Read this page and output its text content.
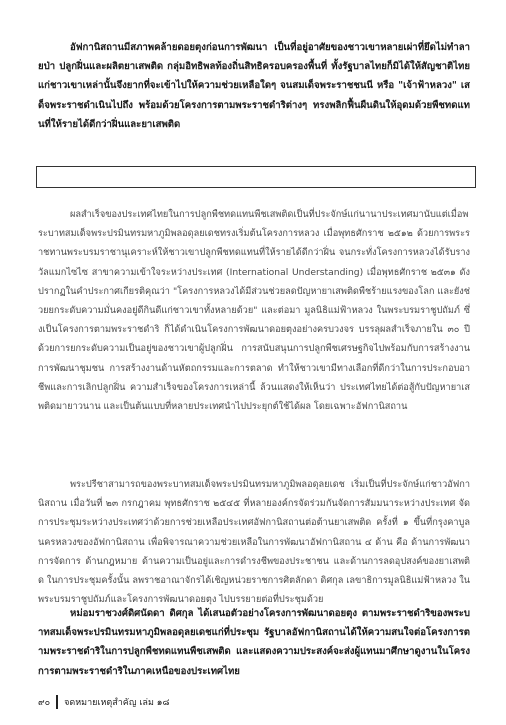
อัฟกานิสถานมีสภาพคล้ายดอยตุงก่อนการพัฒนา เป็นที่อยู่อาศัยของชาวเขาหลายเผ่าที่ยึดไม่ทำลายป่า ปลูกฝิ่นและผลิตยาเสพติด กลุ่มอิทธิพลท้องถิ่นสิทธิครอบครองพื้นที่ ทั้งรัฐบาลไทยก็มิได้ให้สัญชาติไทยแก่ชาวเขาเหล่านั้นจึงยากที่จะเข้าไปให้ความช่วยเหลือใดๆ จนสมเด็จพระราชชนนี หรือ "เจ้าฟ้าหลวง" เสด็จพระราชดำเนินไปถึง พร้อมด้วยโครงการตามพระราชดำริต่างๆ ทรงพลิกฟื้นผืนดินให้อุดมด้วยพืชทดแทนที่ให้รายได้ดีกว่าฝิ่นและยาเสพติด

ผลสำเร็จของประเทศไทยในการปลูกพืชทดแทนพืชเสพติดเป็นที่ประจักษ์แก่นานาประเทศมานับแต่เมื่อพระบาทสมเด็จพระปรมินทรมหาภูมิพลอดุลยเดชทรงเริ่มต้นโครงการหลวง เมื่อพุทธศักราช ๒๕๑๒ ด้วยการพระราชทานพระบรมราชานุเคราะห์ให้ชาวเขาปลูกพืชทดแทนที่ให้รายได้ดีกว่าฝิ่น จนกระทั่งโครงการหลวงได้รับรางวัลแมกไซไซ สาขาความเข้าใจระหว่างประเทศ (International Understanding) เมื่อพุทธศักราช ๒๕๓๑ ดังปรากฏในคำประกาศเกียรติคุณว่า "โครงการหลวงได้มีส่วนช่วยลดปัญหายาเสพติดพืชร้ายแรงของโลก และยังช่วยยกระดับความมั่นคงอยู่ดีกินดีแก่ชาวเขาทั้งหลายด้วย" และต่อมา มูลนิธิแม่ฟ้าหลวง ในพระบรมราชูปถัมภ์ ซึ่งเป็นโครงการตามพระราชดำริ ก็ได้ดำเนินโครงการพัฒนาดอยตุงอย่างครบวงจร บรรลุผลสำเร็จภายใน ๓๐ ปี ด้วยการยกระดับความเป็นอยู่ของชาวเขาผู้ปลูกฝิ่น การสนับสนุนการปลูกพืชเศรษฐกิจไปพร้อมกับการสร้างงาน การพัฒนาชุมชน การสร้างงานด้านหัตถกรรมและการตลาด ทำให้ชาวเขามีทางเลือกที่ดีกว่าในการประกอบอาชีพและการเลิกปลูกฝิ่น ความสำเร็จของโครงการเหล่านี้ ล้วนแสดงให้เห็นว่า ประเทศไทยได้ต่อสู้กับปัญหายาเสพติดมายาวนาน และเป็นต้นแบบที่หลายประเทศนำไปประยุกต์ใช้ได้ผล โดยเฉพาะอัฟกานิสถาน

พระปรีชาสามารถของพระบาทสมเด็จพระปรมินทรมหาภูมิพลอดุลยเดช เริ่มเป็นที่ประจักษ์แก่ชาวอัฟกานิสถาน เมื่อวันที่ ๒๓ กรกฎาคม พุทธศักราช ๒๕๔๕ ที่หลายองค์กรจัดร่วมกันจัดการสัมมนาระหว่างประเทศ จัดการประชุมระหว่างประเทศว่าด้วยการช่วยเหลือประเทศอัฟกานิสถานต่อต้านยาเสพติด ครั้งที่ ๑ ขึ้นที่กรุงคาบูล นครหลวงของอัฟกานิสถาน เพื่อพิจารณาความช่วยเหลือในการพัฒนาอัฟกานิสถาน ๔ ด้าน คือ ด้านการพัฒนาการจัดการ ด้านกฎหมาย ด้านความเป็นอยู่และการดำรงชีพของประชาชน และด้านการลดอุปสงค์ของยาเสพติด ในการประชุมครั้งนั้น ลพราชอาณาจักรได้เชิญหน่วยราชการศิตลักดา ดิศกุล เลขาธิการมูลนิธิแม่ฟ้าหลวง ในพระบรมราชูปถัมภ์และโครงการพัฒนาดอยตุง ไปบรรยายต่อที่ประชุมด้วย

หม่อมราชวงศ์ดิศนัดดา ดิศกุล ได้เสนอตัวอย่างโครงการพัฒนาดอยตุง ตามพระราชดำริของพระบาทสมเด็จพระปรมินทรมหาภูมิพลอดุลยเดชแก่ที่ประชุม รัฐบาลอัฟกานิสถานได้ให้ความสนใจต่อโครงการตามพระราชดำริในการปลูกพืชทดแทนพืชเสพติด และแสดงความประสงค์จะส่งผู้แทนมาศึกษาดูงานในโครงการตามพระราชดำริในภาคเหนือของประเทศไทย

๙๐ จดหมายเหตุสำคัญ เล่ม ๑๘
